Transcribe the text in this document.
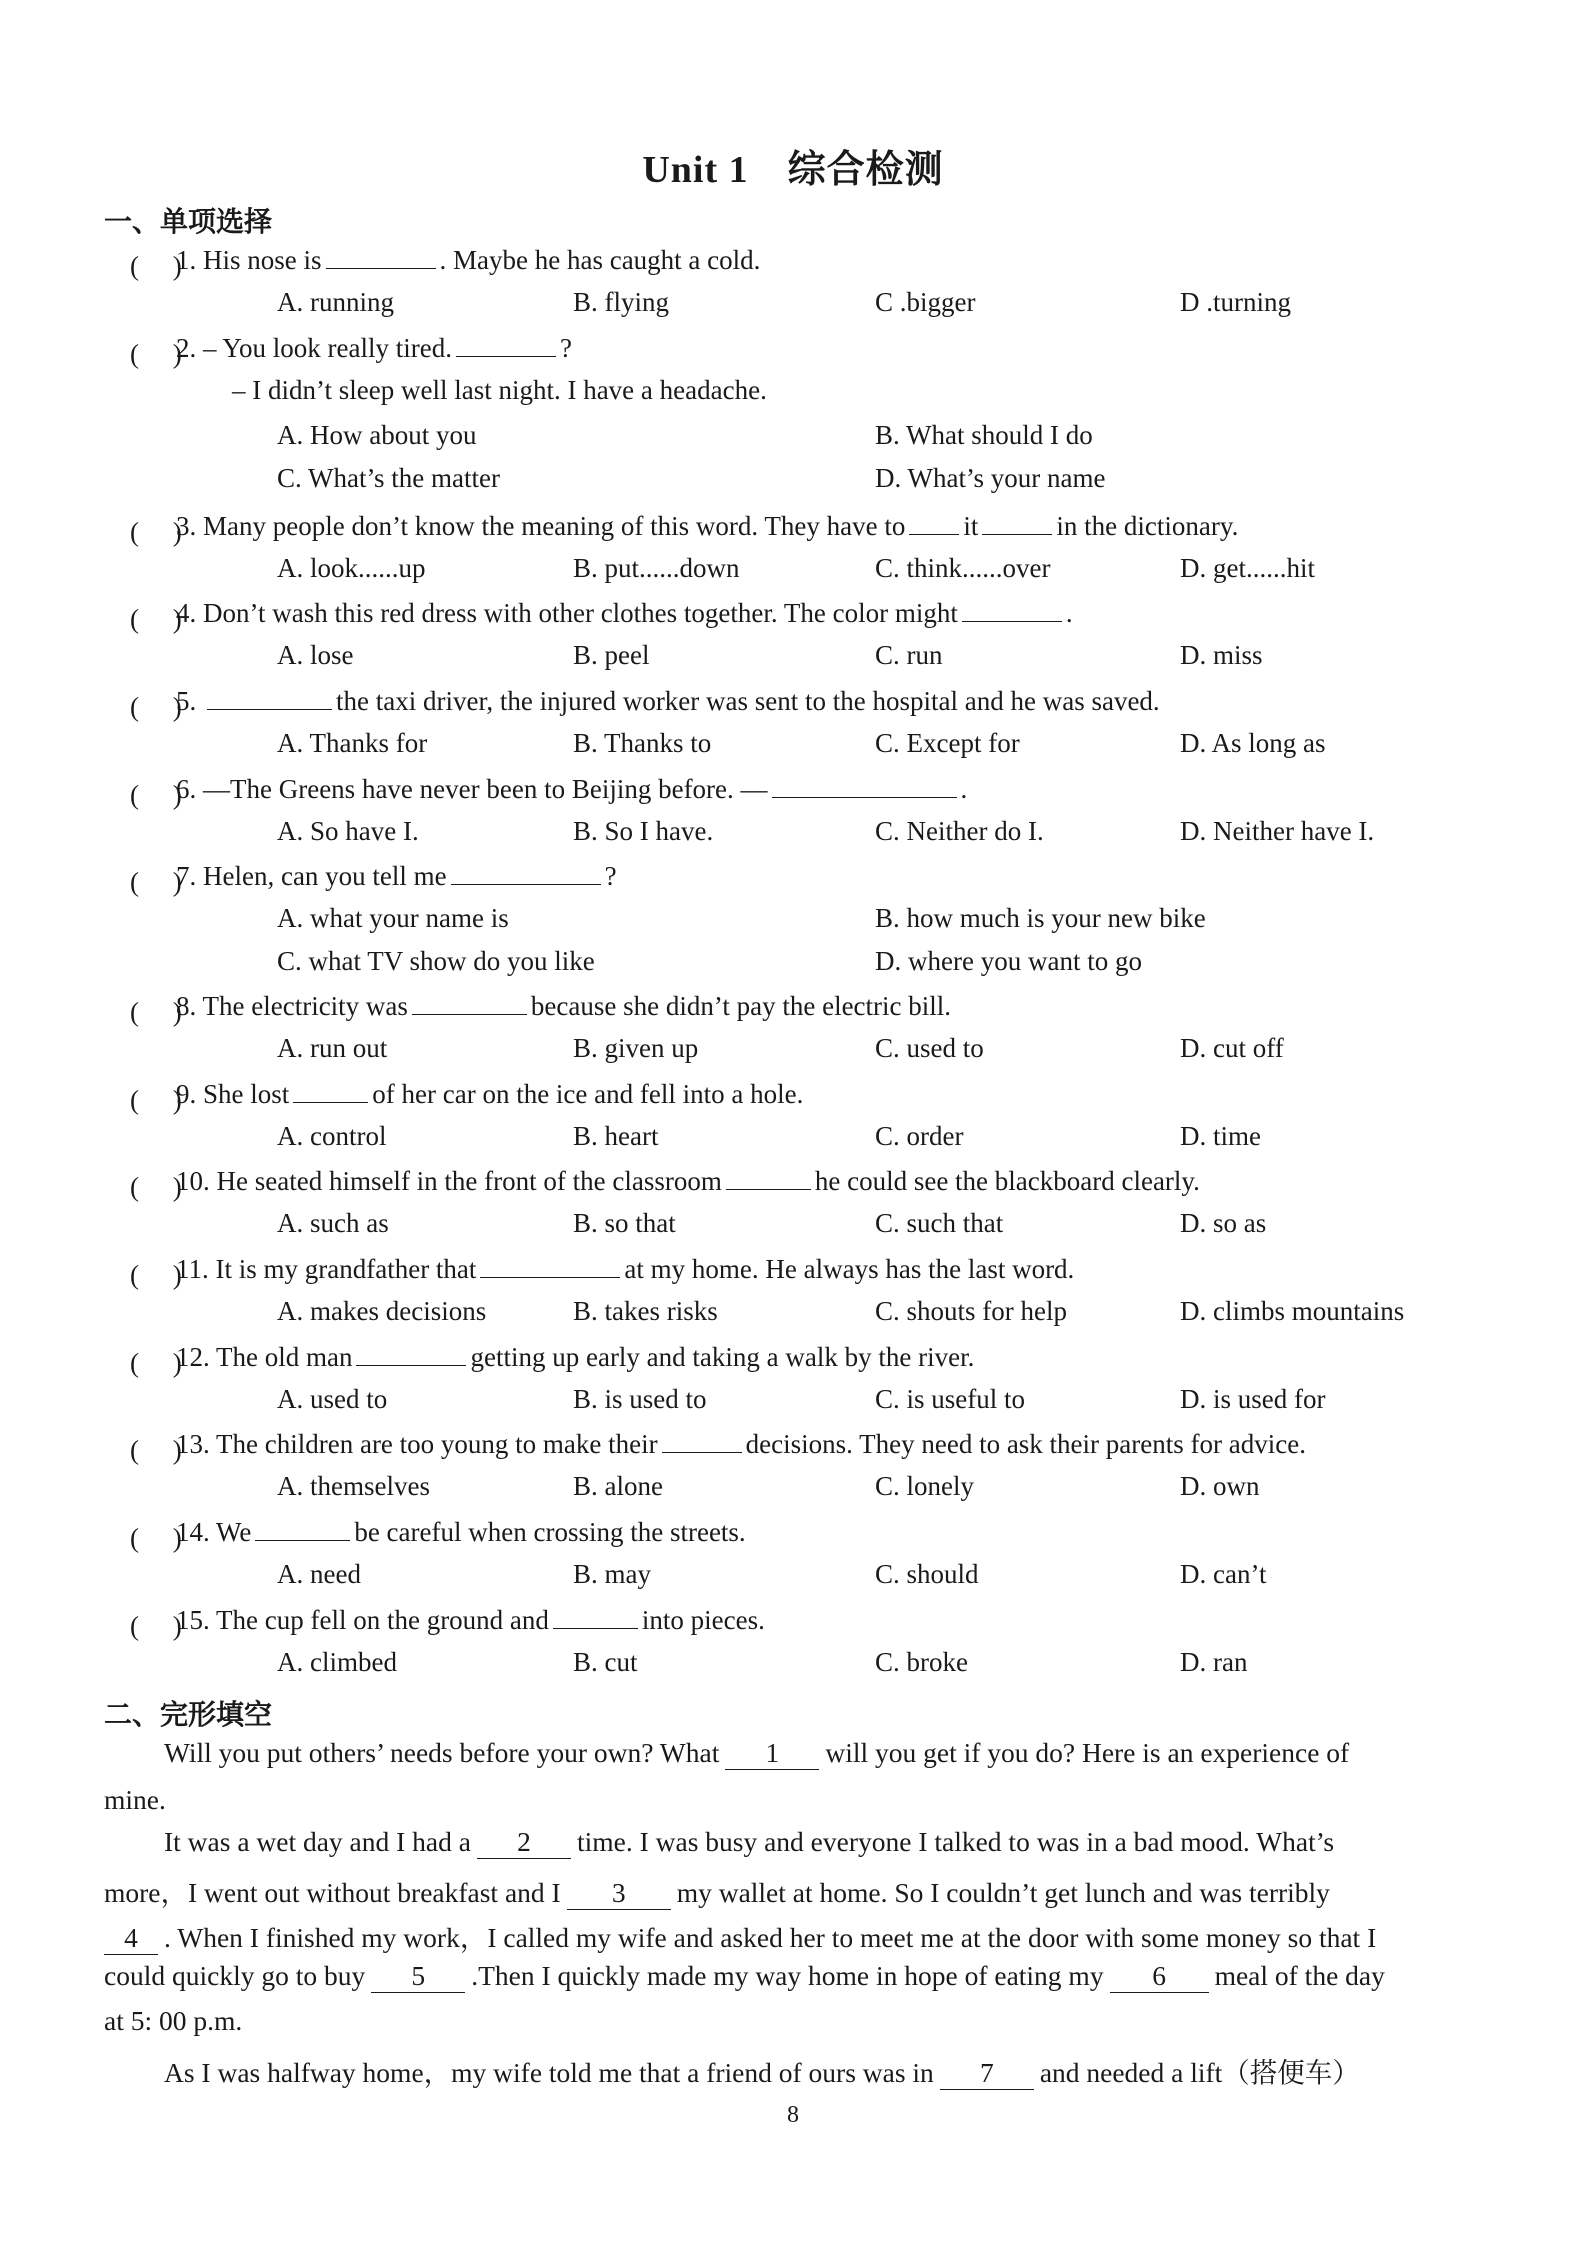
Unit 1　综合检测
一、单项选择
(　 )
1. His nose is	. Maybe he has caught a cold.
A. running	B. flying	C .bigger	D .turning
(　 )
2. – You look really tired.	?
– I didn’t sleep well last night. I have a headache.
A. How about you	B. What should I do
C. What’s the matter	D. What’s your name
(　 )
3. Many people don’t know the meaning of this word. They have to it	in the dictionary.
A. look......up	B. put......down	C. think......over	D. get......hit
(　 )
4. Don’t wash this red dress with other clothes together. The color might	.
A. lose	B. peel	C. run	D. miss
(　 )
5.	the taxi driver, the injured worker was sent to the hospital and he was saved.
A. Thanks for	B. Thanks to	C. Except for	D. As long as
(　 )
6. —The Greens have never been to Beijing before. —	.
A. So have I.	B. So I have.	C. Neither do I.	D. Neither have I.
(　 )
7. Helen, can you tell me	?
A. what your name is	B. how much is your new bike
C. what TV show do you like	D. where you want to go
(　 )
8. The electricity was	because she didn’t pay the electric bill.
A. run out	B. given up	C. used to	D. cut off
(　 )
9. She lost	of her car on the ice and fell into a hole.
A. control	B. heart	C. order	D. time
(　 )
10. He seated himself in the front of the classroom	he could see the blackboard clearly.
A. such as	B. so that	C. such that	D. so as
(　 )
11. It is my grandfather that	at my home. He always has the last word.
A. makes decisions	B. takes risks	C. shouts for help	D. climbs mountains
(　 )
12. The old man	getting up early and taking a walk by the river.
A. used to	B. is used to	C. is useful to	D. is used for
(　 )
13. The children are too young to make their	decisions. They need to ask their parents for advice.
A. themselves	B. alone	C. lonely	D. own
(　 )
14. We	be careful when crossing the streets.
A. need	B. may	C. should	D. can’t
(　 )
15. The cup fell on the ground and	into pieces.
A. climbed	B. cut	C. broke	D. ran
二、完形填空
Will you put others’ needs before your own? What 1 will you get if you do? Here is an experience of
mine.
It was a wet day and I had a 2 time. I was busy and everyone I talked to was in a bad mood. What’s
more，I went out without breakfast and I 3 my wallet at home. So I couldn’t get lunch and was terribly
4 . When I finished my work，I called my wife and asked her to meet me at the door with some money so that I
could quickly go to buy 5 .Then I quickly made my way home in hope of eating my 6 meal of the day
at 5: 00 p.m.
As I was halfway home，my wife told me that a friend of ours was in 7 and needed a lift（搭便车）
8
